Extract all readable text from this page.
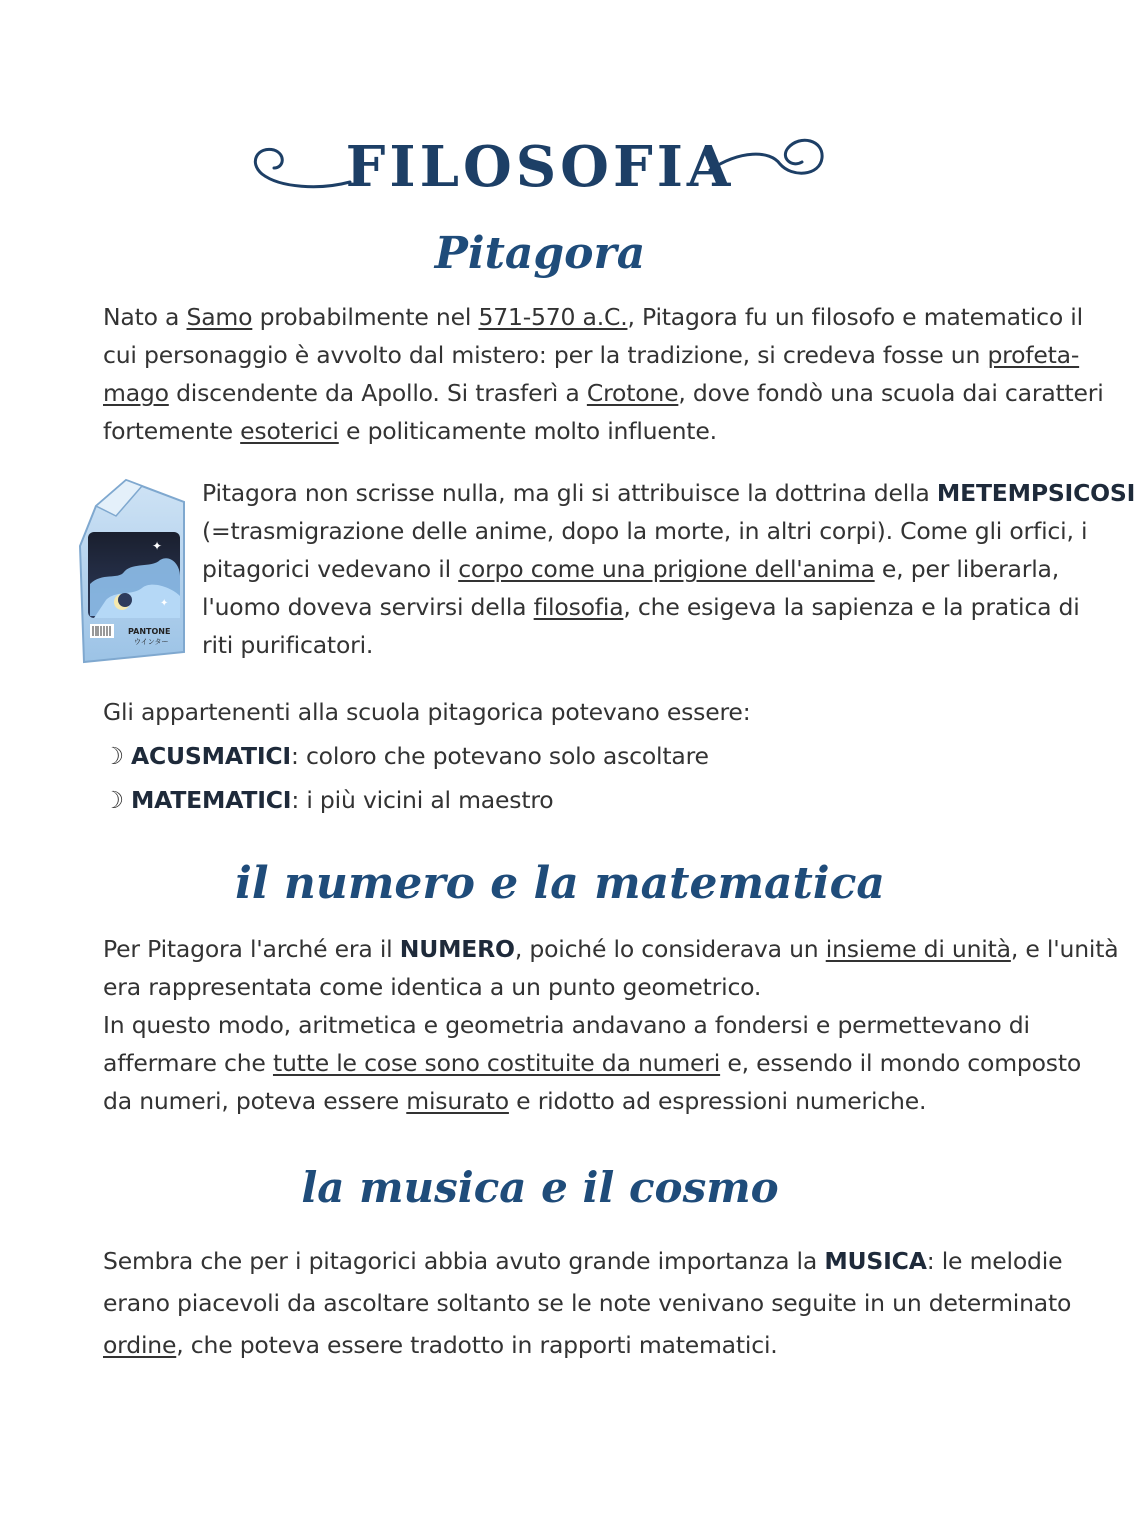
FILOSOFIA
Pitagora
Nato a Samo probabilmente nel 571-570 a.C., Pitagora fu un filosofo e matematico il
cui personaggio è avvolto dal mistero: per la tradizione, si credeva fosse un profeta-
mago discendente da Apollo. Si trasferì a Crotone, dove fondò una scuola dai caratteri
fortemente esoterici e politicamente molto influente.
✦
✦
PANTONE
ウインター
Pitagora non scrisse nulla, ma gli si attribuisce la dottrina della METEMPSICOSI
(=trasmigrazione delle anime, dopo la morte, in altri corpi). Come gli orfici, i
pitagorici vedevano il corpo come una prigione dell'anima e, per liberarla,
l'uomo doveva servirsi della filosofia, che esigeva la sapienza e la pratica di
riti purificatori.
Gli appartenenti alla scuola pitagorica potevano essere:
☽ ACUSMATICI: coloro che potevano solo ascoltare
☽ MATEMATICI: i più vicini al maestro
il numero e la matematica
Per Pitagora l'arché era il NUMERO, poiché lo considerava un insieme di unità, e l'unità
era rappresentata come identica a un punto geometrico.
In questo modo, aritmetica e geometria andavano a fondersi e permettevano di
affermare che tutte le cose sono costituite da numeri e, essendo il mondo composto
da numeri, poteva essere misurato e ridotto ad espressioni numeriche.
la musica e il cosmo
Sembra che per i pitagorici abbia avuto grande importanza la MUSICA: le melodie
erano piacevoli da ascoltare soltanto se le note venivano seguite in un determinato
ordine, che poteva essere tradotto in rapporti matematici.
